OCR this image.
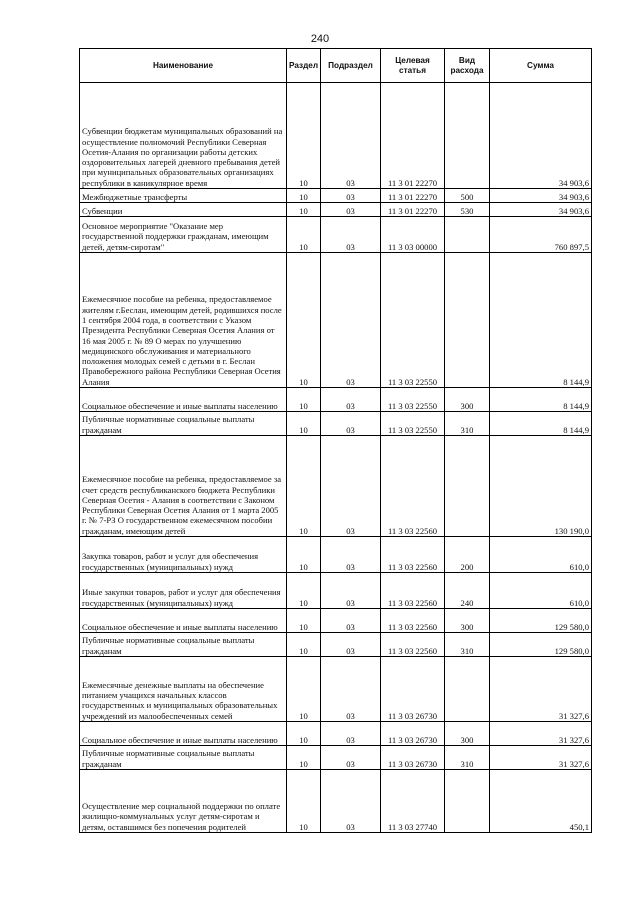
240
Наименование	Раздел	Подраздел	Целевая статья	Вид расхода	Сумма
Субвенции бюджетам муниципальных образований на осуществление полномочий Республики Северная Осетия-Алания по организации работы детских оздоровительных лагерей дневного пребывания детей при муниципальных образовательных организациях республики в каникулярное время	10	03	11 3 01 22270		34 903,6
Межбюджетные трансферты	10	03	11 3 01 22270	500	34 903,6
Субвенции	10	03	11 3 01 22270	530	34 903,6
Основное мероприятие "Оказание мер государственной поддержки гражданам, имеющим детей, детям-сиротам"	10	03	11 3 03 00000		760 897,5
Ежемесячное пособие на ребенка, предоставляемое жителям г.Беслан, имеющим детей, родившихся после 1 сентября 2004 года, в соответствии с Указом Президента Республики Северная Осетия Алания от 16 мая 2005 г. № 89 О мерах по улучшению медицинского обслуживания и материального положения молодых семей с детьми в г. Беслан Правобережного района Республики Северная Осетия Алания	10	03	11 3 03 22550		8 144,9
Социальное обеспечение и иные выплаты населению	10	03	11 3 03 22550	300	8 144,9
Публичные нормативные социальные выплаты гражданам	10	03	11 3 03 22550	310	8 144,9
Ежемесячное пособие на ребенка, предоставляемое за счет средств республиканского бюджета Республики Северная Осетия - Алания в соответствии с Законом Республики Северная Осетия Алания от 1 марта 2005 г. № 7-РЗ О государственном ежемесячном пособии гражданам, имеющим детей	10	03	11 3 03 22560		130 190,0
Закупка товаров, работ и услуг для обеспечения государственных (муниципальных) нужд	10	03	11 3 03 22560	200	610,0
Иные закупки товаров, работ и услуг для обеспечения государственных (муниципальных) нужд	10	03	11 3 03 22560	240	610,0
Социальное обеспечение и иные выплаты населению	10	03	11 3 03 22560	300	129 580,0
Публичные нормативные социальные выплаты гражданам	10	03	11 3 03 22560	310	129 580,0
Ежемесячные денежные выплаты на обеспечение питанием учащихся начальных классов государственных и муниципальных образовательных учреждений из малообеспеченных семей	10	03	11 3 03 26730		31 327,6
Социальное обеспечение и иные выплаты населению	10	03	11 3 03 26730	300	31 327,6
Публичные нормативные социальные выплаты гражданам	10	03	11 3 03 26730	310	31 327,6
Осуществление мер социальной поддержки по оплате жилищно-коммунальных услуг детям-сиротам и детям, оставшимся без попечения родителей	10	03	11 3 03 27740		450,1
